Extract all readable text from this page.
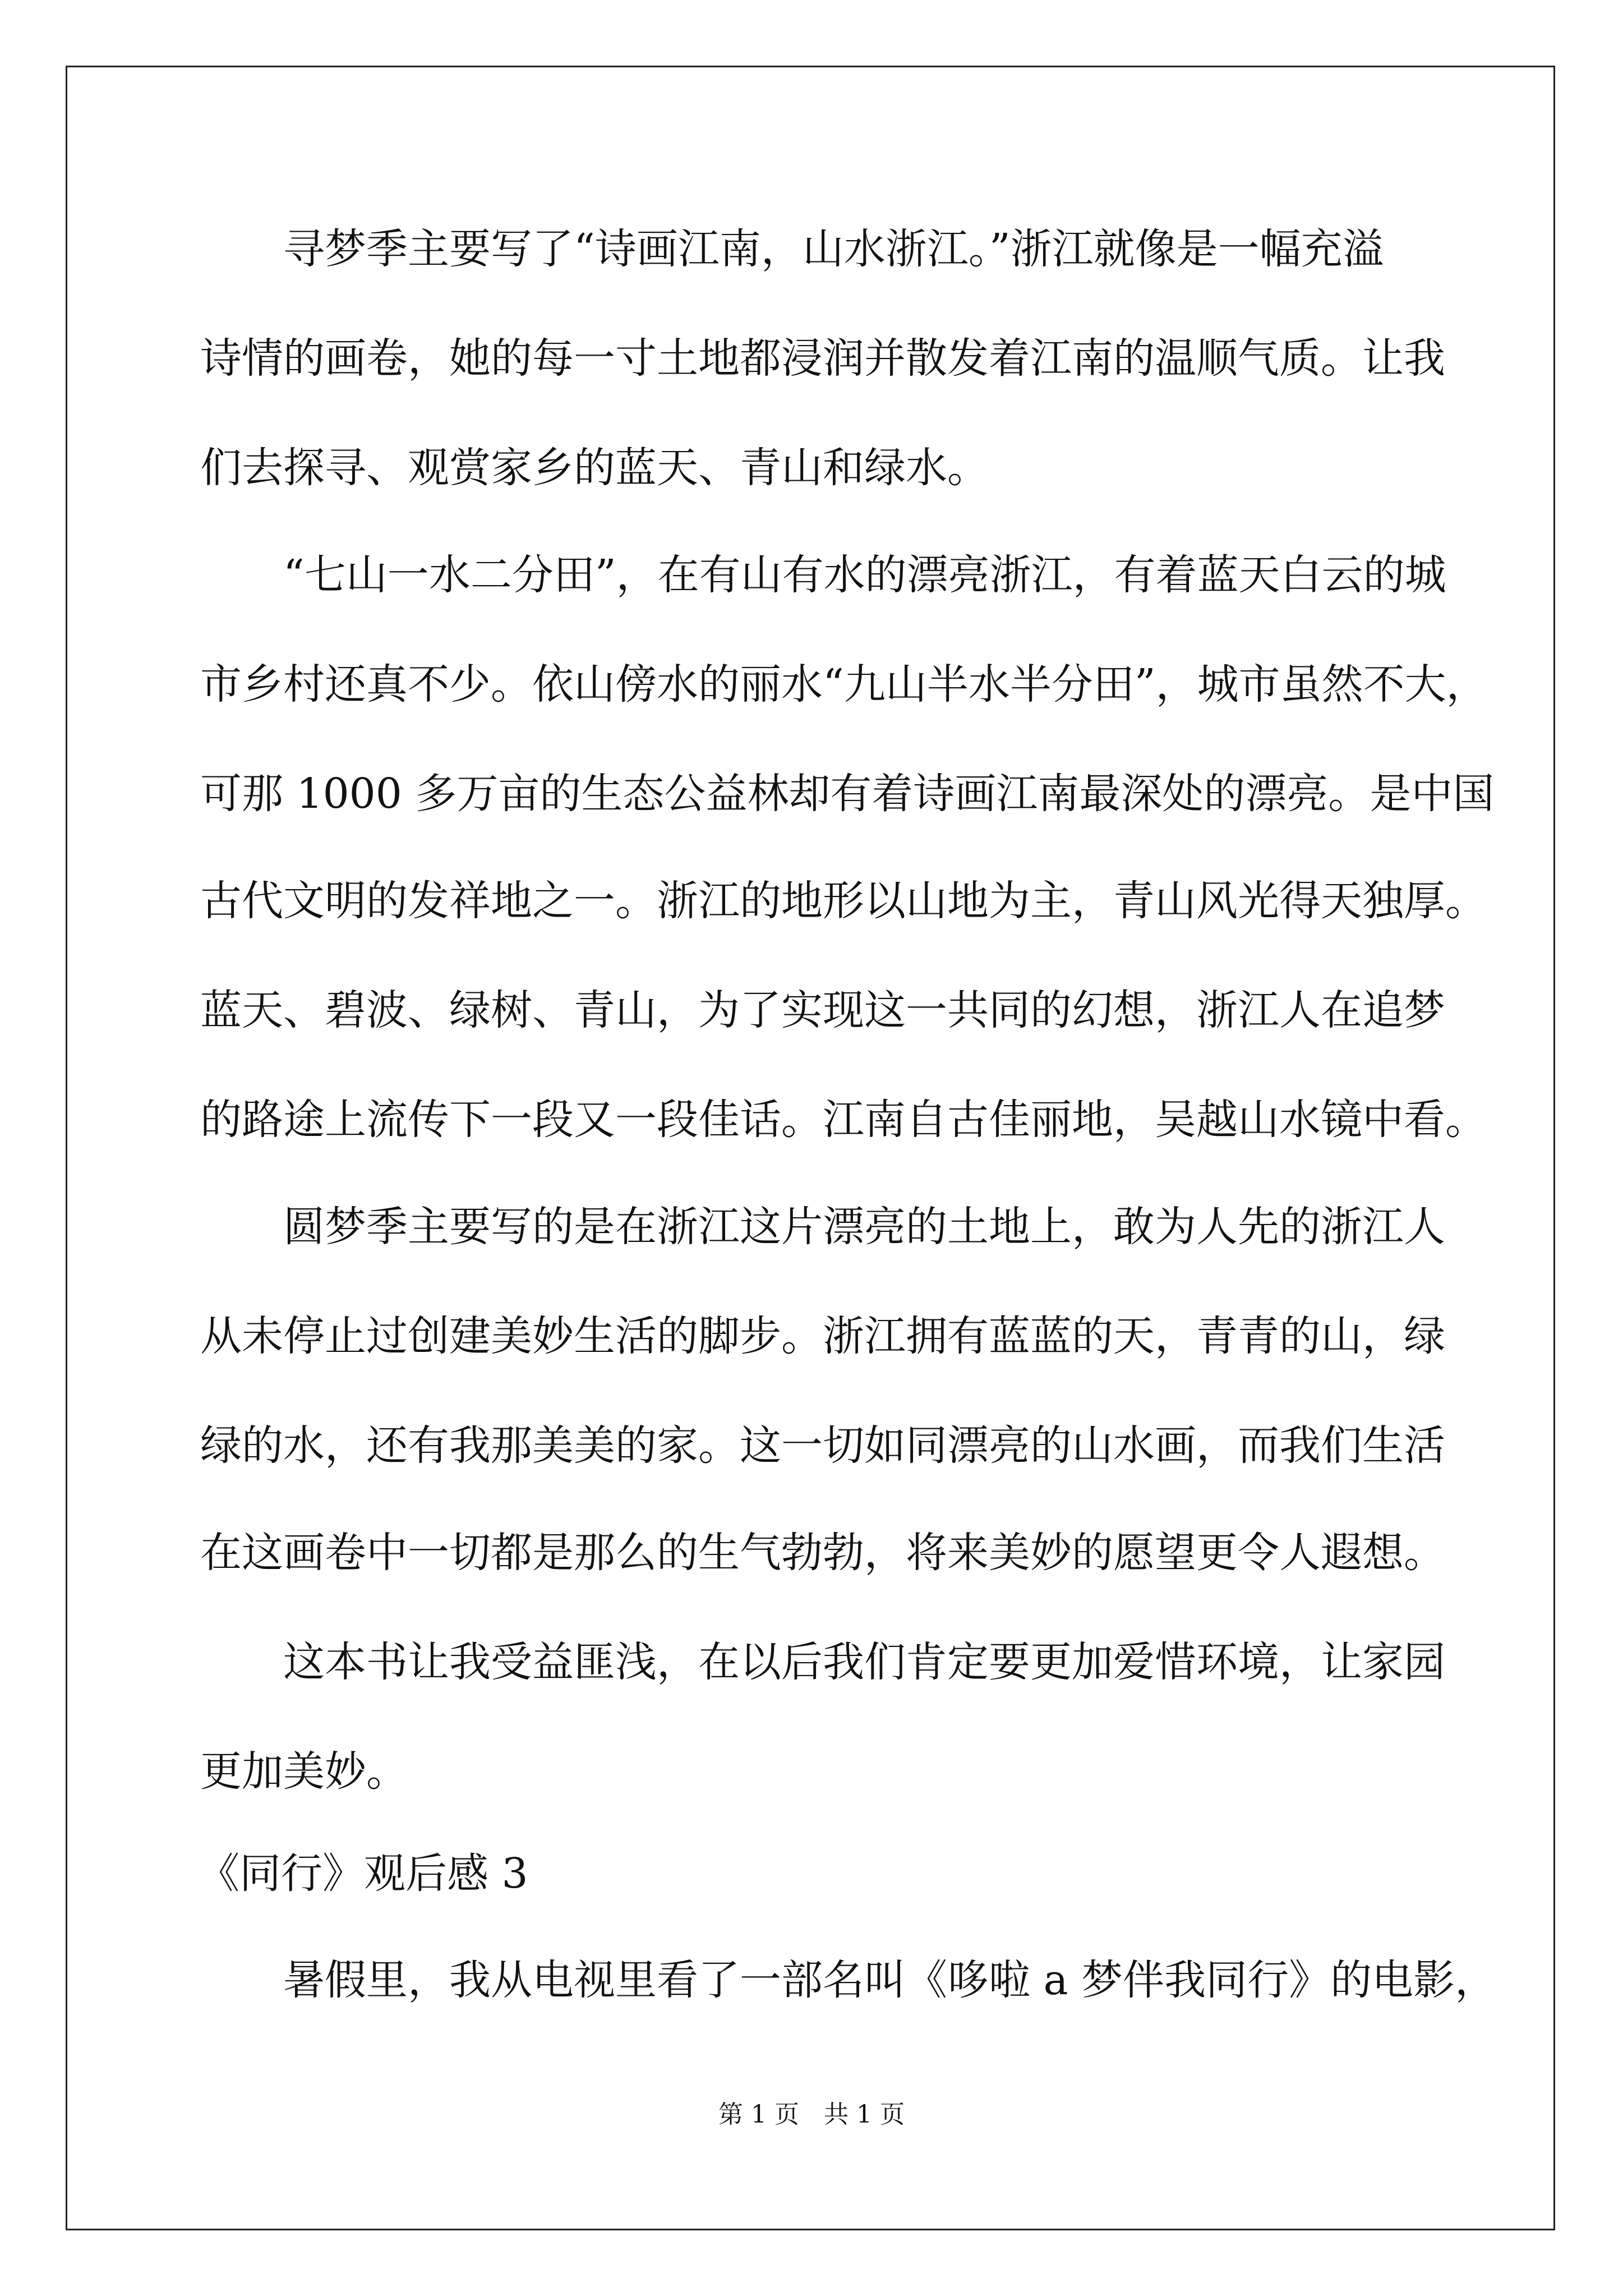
寻梦季主要写了“诗画江南，山水浙江。”浙江就像是一幅充溢
诗情的画卷，她的每一寸土地都浸润并散发着江南的温顺气质。让我
们去探寻、观赏家乡的蓝天、青山和绿水。
“七山一水二分田”，在有山有水的漂亮浙江，有着蓝天白云的城
市乡村还真不少。依山傍水的丽水“九山半水半分田”，城市虽然不大，
可那 1000 多万亩的生态公益林却有着诗画江南最深处的漂亮。是中国
古代文明的发祥地之一。浙江的地形以山地为主，青山风光得天独厚。
蓝天、碧波、绿树、青山，为了实现这一共同的幻想，浙江人在追梦
的路途上流传下一段又一段佳话。江南自古佳丽地，吴越山水镜中看。
圆梦季主要写的是在浙江这片漂亮的土地上，敢为人先的浙江人
从未停止过创建美妙生活的脚步。浙江拥有蓝蓝的天，青青的山，绿
绿的水，还有我那美美的家。这一切如同漂亮的山水画，而我们生活
在这画卷中一切都是那么的生气勃勃，将来美妙的愿望更令人遐想。
这本书让我受益匪浅，在以后我们肯定要更加爱惜环境，让家园
更加美妙。
《同行》观后感 3
暑假里，我从电视里看了一部名叫《哆啦 a 梦伴我同行》的电影，
第 1 页　共 1 页
